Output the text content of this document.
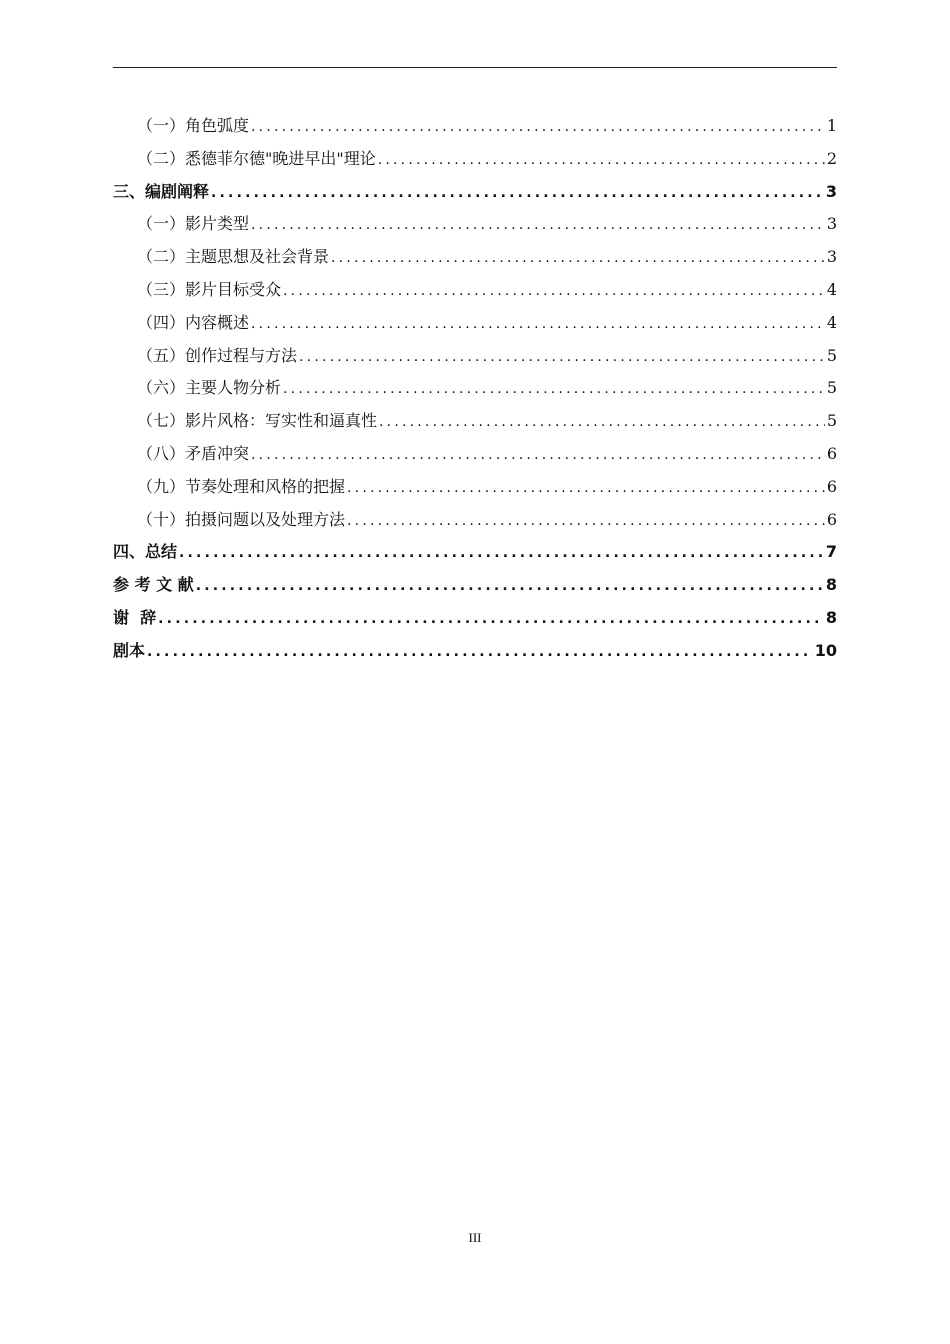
（一）角色弧度 .....	1
（二）悉德菲尔德"晚进早出"理论 .....	2
三、编剧阐释 .....	3
（一）影片类型 .....	3
（二）主题思想及社会背景 .....	3
（三）影片目标受众 .....	4
（四）内容概述 .....	4
（五）创作过程与方法 .....	5
（六）主要人物分析 .....	5
（七）影片风格：写实性和逼真性 .....	5
（八）矛盾冲突 .....	6
（九）节奏处理和风格的把握 .....	6
（十）拍摄问题以及处理方法 .....	6
四、总结 .....	7
参 考 文 献 .....	8
谢  辞 .....	8
剧本 .....	10
III
